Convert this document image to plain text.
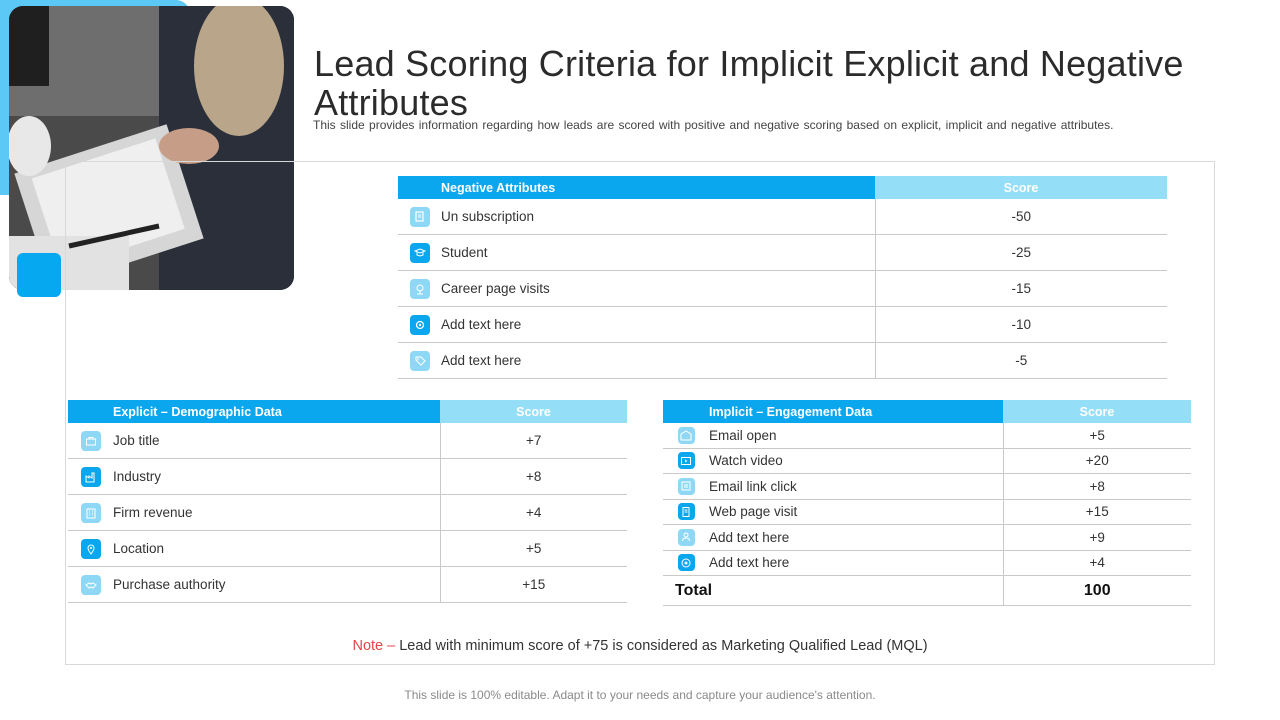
Lead Scoring Criteria for Implicit Explicit and Negative Attributes
This slide provides information regarding how leads are scored with positive and negative scoring based on explicit, implicit and negative attributes.
	Negative Attributes	Score

	Un subscription	-50

	Student	-25

	Career page visits	-15

	Add text here	-10

	Add text here	-5
	Explicit – Demographic Data	Score

	Job title	+7

	Industry	+8

	Firm revenue	+4

	Location	+5

	Purchase authority	+15
	Implicit – Engagement Data	Score

	Email open	+5

	Watch video	+20

	Email link click	+8

	Web page visit	+15

	Add text here	+9

	Add text here	+4
Total		100
Note – Lead with minimum score of +75 is considered as Marketing Qualified Lead (MQL)
This slide is 100% editable. Adapt it to your needs and capture your audience's attention.
